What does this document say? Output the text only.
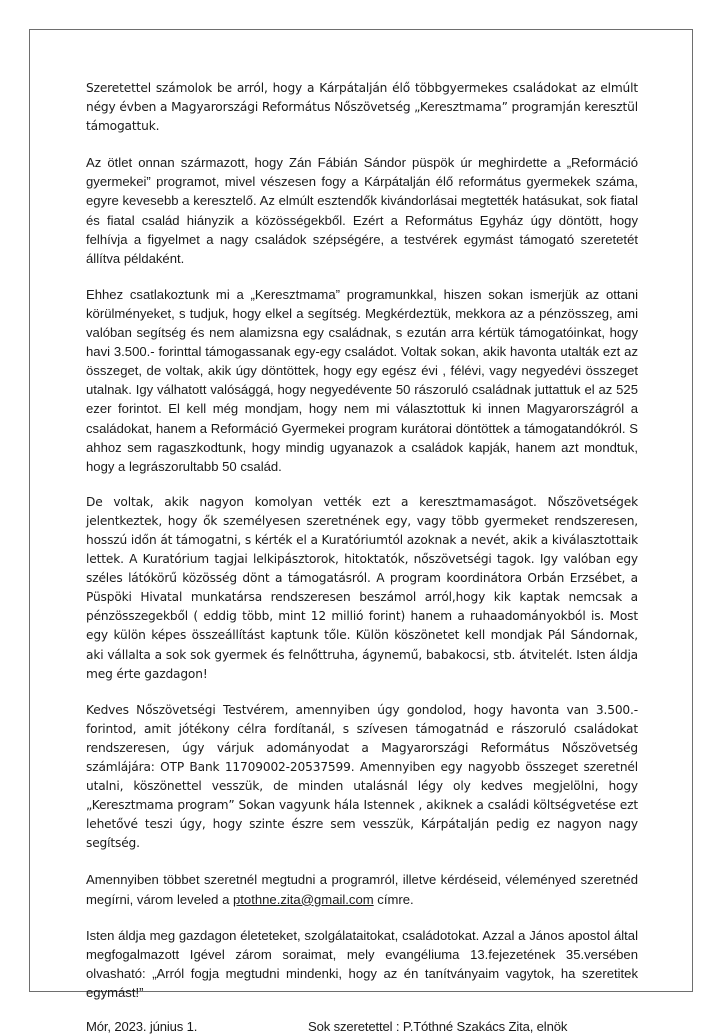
Szeretettel számolok be arról, hogy a Kárpátalján élő többgyermekes családokat az elmúlt négy évben a Magyarországi Református Nőszövetség „Keresztmama” programján keresztül támogattuk.

Az ötlet onnan származott, hogy Zán Fábián Sándor püspök úr meghirdette a „Reformáció gyermekei” programot, mivel vészesen fogy a Kárpátalján élő református gyermekek száma, egyre kevesebb a keresztelő. Az elmúlt esztendők kivándorlásai megtették hatásukat, sok fiatal és fiatal család hiányzik a közösségekből. Ezért a Református Egyház úgy döntött, hogy felhívja a figyelmet a nagy családok szépségére, a testvérek egymást támogató szeretetét állítva példaként.

Ehhez csatlakoztunk mi a „Keresztmama” programunkkal, hiszen sokan ismerjük az ottani körülményeket, s tudjuk, hogy elkel a segítség. Megkérdeztük, mekkora az a pénzösszeg, ami valóban segítség és nem alamizsna egy családnak, s ezután arra kértük támogatóinkat, hogy havi 3.500.- forinttal támogassanak egy-egy családot. Voltak sokan, akik havonta utalták ezt az összeget, de voltak, akik úgy döntöttek, hogy egy egész évi , félévi, vagy negyedévi összeget utalnak. Igy válhatott valósággá, hogy negyedévente 50 rászoruló családnak juttattuk el az 525 ezer forintot. El kell még mondjam, hogy nem mi választottuk ki innen Magyarországról a családokat, hanem a Reformáció Gyermekei program kurátorai döntöttek a támogatandókról. S ahhoz sem ragaszkodtunk, hogy mindig ugyanazok a családok kapják, hanem azt mondtuk, hogy a legrászorultabb 50 család.

De voltak, akik nagyon komolyan vették ezt a keresztmamaságot. Nőszövetségek jelentkeztek, hogy ők személyesen szeretnének egy, vagy több gyermeket rendszeresen, hosszú időn át támogatni, s kérték el a Kuratóriumtól azoknak a nevét, akik a kiválasztottaik lettek. A Kuratórium tagjai lelkipásztorok, hitoktatók, nőszövetségi tagok. Igy valóban egy széles látókörű közösség dönt a támogatásról. A program koordinátora Orbán Erzsébet, a Püspöki Hivatal munkatársa rendszeresen beszámol arról,hogy kik kaptak nemcsak a pénzösszegekből ( eddig több, mint 12 millió forint) hanem a ruhaadományokból is. Most egy külön képes összeállítást kaptunk tőle. Külön köszönetet kell mondjak Pál Sándornak, aki vállalta a sok sok gyermek és felnőttruha, ágynemű, babakocsi, stb. átvitelét. Isten áldja meg érte gazdagon!

Kedves Nőszövetségi Testvérem, amennyiben úgy gondolod, hogy havonta van 3.500.- forintod, amit jótékony célra fordítanál, s szívesen támogatnád e rászoruló családokat rendszeresen, úgy várjuk adományodat a Magyarországi Református Nőszövetség számlájára: OTP Bank 11709002-20537599. Amennyiben egy nagyobb összeget szeretnél utalni, köszönettel vesszük, de minden utalásnál légy oly kedves megjelölni, hogy „Keresztmama program” Sokan vagyunk hála Istennek , akiknek a családi költségvetése ezt lehetővé teszi úgy, hogy szinte észre sem vesszük, Kárpátalján pedig ez nagyon nagy segítség.

Amennyiben többet szeretnél megtudni a programról, illetve kérdéseid, véleményed szeretnéd megírni, várom leveled a ptothne.zita@gmail.com címre.

Isten áldja meg gazdagon életeteket, szolgálataitokat, családotokat. Azzal a János apostol által megfogalmazott Igével zárom soraimat, mely evangéliuma 13.fejezetének 35.versében olvasható: „Arról fogja megtudni mindenki, hogy az én tanítványaim vagytok, ha szeretitek egymást!”

Mór, 2023. június 1.	Sok szeretettel : P.Tóthné Szakács Zita, elnök
